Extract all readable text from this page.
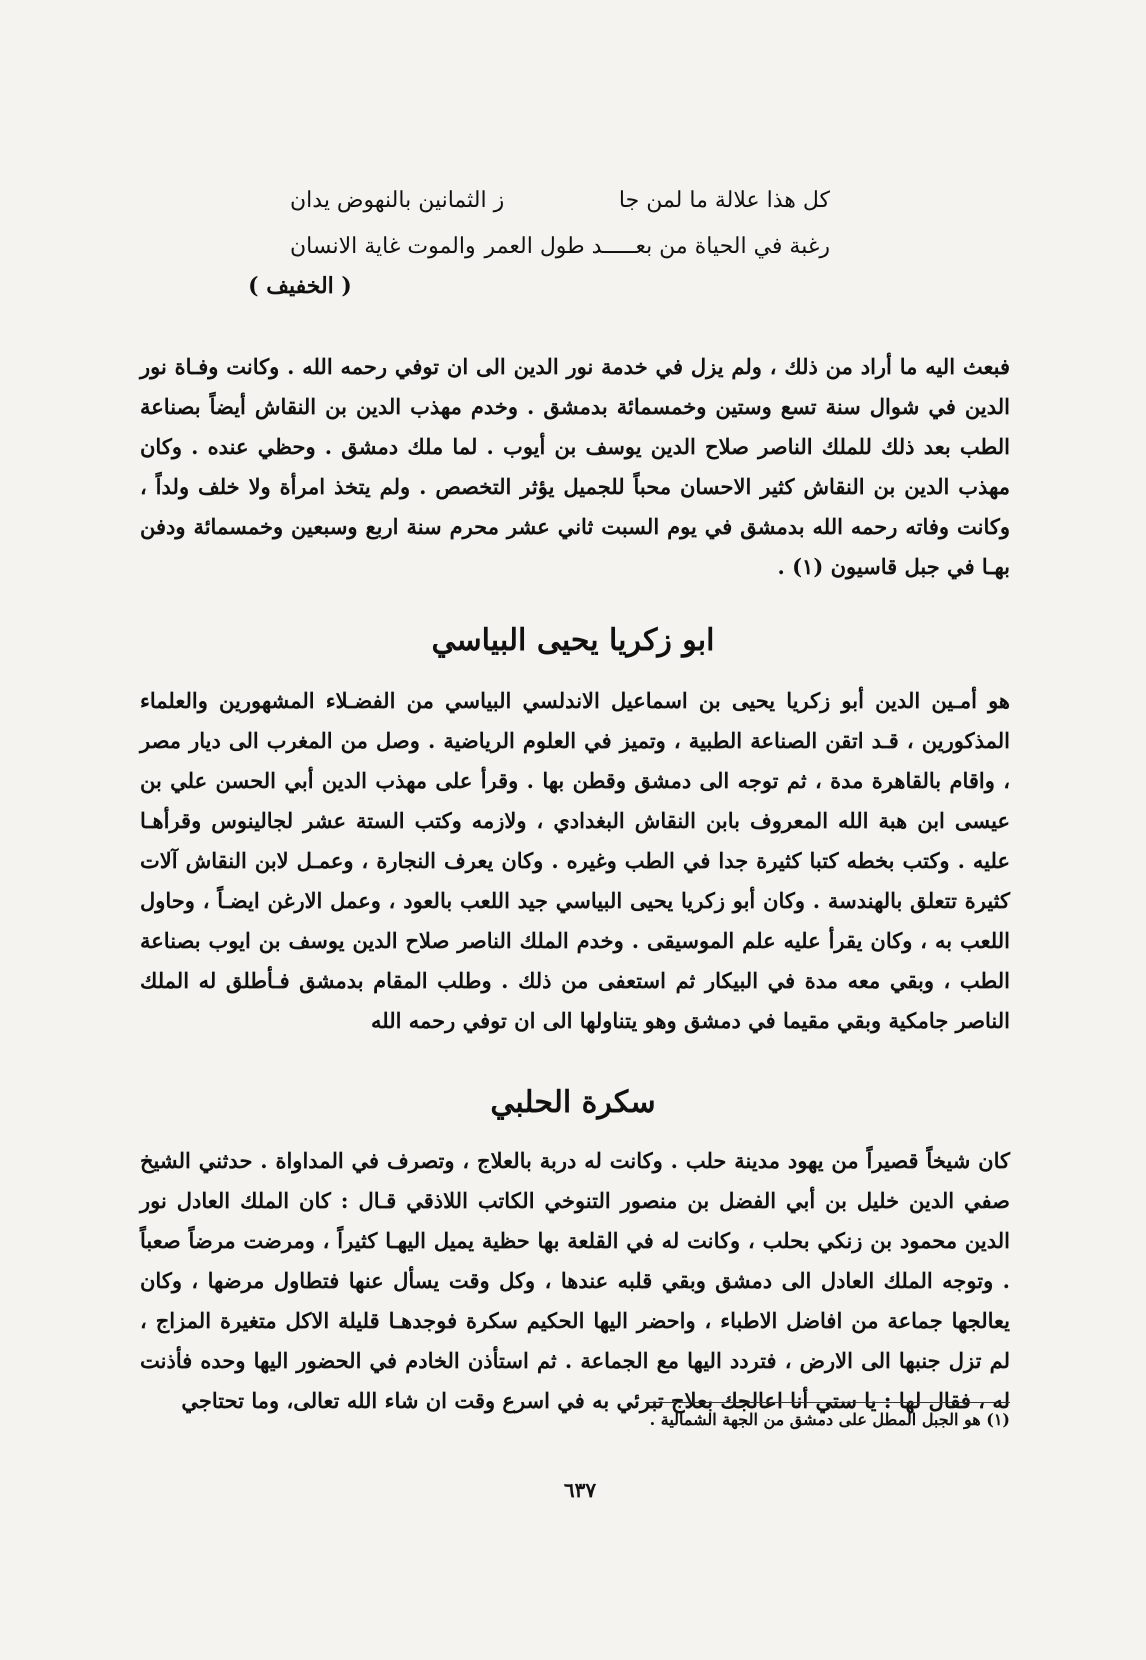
كل هذا علالة ما لمن جا
ز الثمانين بالنهوض يدان
رغبة في الحياة من بعـــــد طول العمر
والموت غاية الانسان
( الخفيف )

فبعث اليه ما أراد من ذلك ، ولم يزل في خدمة نور الدين الى ان توفي رحمه الله . وكانت وفـاة نور الدين في شوال سنة تسع وستين وخمسمائة بدمشق . وخدم مهذب الدين بن النقاش أيضاً بصناعة الطب بعد ذلك للملك الناصر صلاح الدين يوسف بن أيوب . لما ملك دمشق . وحظي عنده . وكان مهذب الدين بن النقاش كثير الاحسان محباً للجميل يؤثر التخصص . ولم يتخذ امرأة ولا خلف ولداً ، وكانت وفاته رحمه الله بدمشق في يوم السبت ثاني عشر محرم سنة اربع وسبعين وخمسمائة ودفن بهـا في جبل قاسيون (١) .

ابو زكريا يحيى البياسي

هو أمـين الدين أبو زكريا يحيى بن اسماعيل الاندلسي البياسي من الفضـلاء المشهورين والعلماء المذكورين ، قـد اتقن الصناعة الطبية ، وتميز في العلوم الرياضية . وصل من المغرب الى ديار مصر ، واقام بالقاهرة مدة ، ثم توجه الى دمشق وقطن بها . وقرأ على مهذب الدين أبي الحسن علي بن عيسى ابن هبة الله المعروف بابن النقاش البغدادي ، ولازمه وكتب الستة عشر لجالينوس وقرأهـا عليه . وكتب بخطه كتبا كثيرة جدا في الطب وغيره . وكان يعرف النجارة ، وعمـل لابن النقاش آلات كثيرة تتعلق بالهندسة . وكان أبو زكريا يحيى البياسي جيد اللعب بالعود ، وعمل الارغن ايضـاً ، وحاول اللعب به ، وكان يقرأ عليه علم الموسيقى . وخدم الملك الناصر صلاح الدين يوسف بن ايوب بصناعة الطب ، وبقي معه مدة في البيكار ثم استعفى من ذلك . وطلب المقام بدمشق فـأطلق له الملك الناصر جامكية وبقي مقيما في دمشق وهو يتناولها الى ان توفي رحمه الله

سكرة الحلبي

كان شيخاً قصيراً من يهود مدينة حلب . وكانت له دربة بالعلاج ، وتصرف في المداواة . حدثني الشيخ صفي الدين خليل بن أبي الفضل بن منصور التنوخي الكاتب اللاذقي قـال : كان الملك العادل نور الدين محمود بن زنكي بحلب ، وكانت له في القلعة بها حظية يميل اليهـا كثيراً ، ومرضت مرضاً صعباً . وتوجه الملك العادل الى دمشق وبقي قلبه عندها ، وكل وقت يسأل عنها فتطاول مرضها ، وكان يعالجها جماعة من افاضل الاطباء ، واحضر اليها الحكيم سكرة فوجدهـا قليلة الاكل متغيرة المزاج ، لم تزل جنبها الى الارض ، فتردد اليها مع الجماعة . ثم استأذن الخادم في الحضور اليها وحده فأذنت له ، فقال لها : يا ستي أنا اعالجك بعلاج تبرئي به في اسرع وقت ان شاء الله تعالى، وما تحتاجي

(١) هو الجبل المطل على دمشق من الجهة الشمالية .
٦٣٧
